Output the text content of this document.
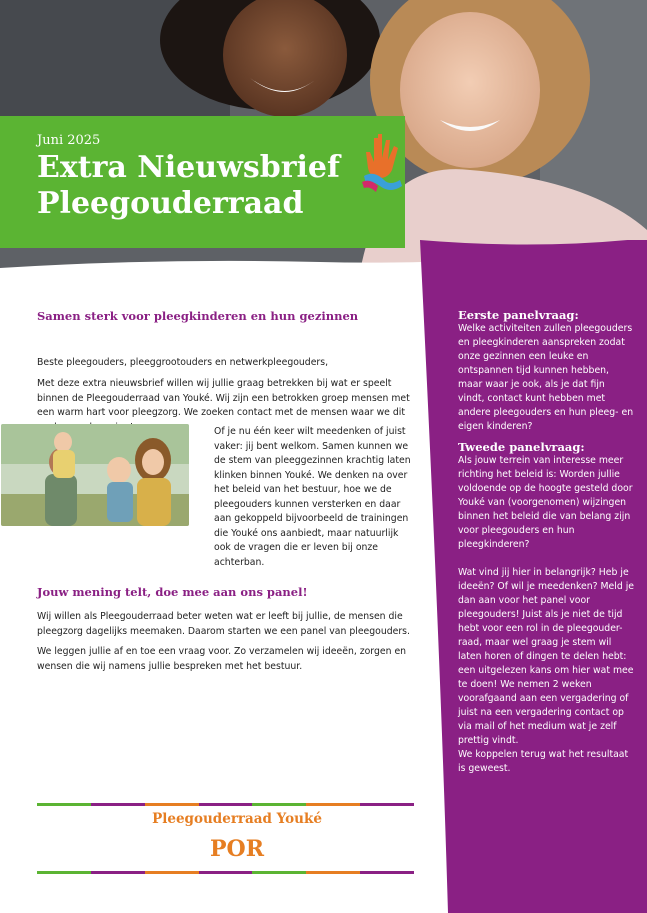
Juni 2025
Extra Nieuwsbrief
Pleegouderraad

Eerste panelvraag:

Welke activiteiten zullen pleegouders en pleegkinderen aanspreken zodat onze gezinnen een leuke en ontspannen tijd kunnen hebben, maar waar je ook, als je dat fijn vindt, contact kunt hebben met andere pleegouders en hun pleeg- en eigen kinderen?

Tweede panelvraag:

Als jouw terrein van interesse meer richting het beleid is: Worden jullie voldoende op de hoogte gesteld door Youké van (voorgenomen) wijzingen binnen het beleid die van belang zijn voor pleegouders en hun pleegkinderen?

Wat vind jij hier in belangrijk? Heb je ideeën? Of wil je meedenken? Meld je dan aan voor het panel voor pleegouders! Juist als je niet de tijd hebt voor een rol in de pleegouder-raad, maar wel graag je stem wil laten horen of dingen te delen hebt: een uitgelezen kans om hier wat mee te doen! We nemen 2 weken voorafgaand aan een vergadering of juist na een vergadering contact op via mail of het medium wat je zelf prettig vindt.

We koppelen terug wat het resultaat is geweest.

Samen sterk voor pleegkinderen en hun gezinnen

Beste pleegouders, pleeggrootouders en netwerkpleegouders,

Met deze extra nieuwsbrief willen wij jullie graag betrekken bij wat er speelt binnen de Pleegouderraad van Youké. Wij zijn een betrokken groep mensen met een warm hart voor pleegzorg. We zoeken contact met de mensen waar we dit

Of je nu één keer wilt meedenken of juist vaker: jij bent welkom. Samen kunnen we de stem van pleeggezinnen krachtig laten klinken binnen Youké. We denken na over het beleid van het bestuur, hoe we de pleegouders kunnen versterken en daar aan gekoppeld bijvoorbeeld de trainingen die Youké ons aanbiedt, maar natuurlijk ook de vragen die er leven bij onze achterban.

Jouw mening telt, doe mee aan ons panel!

Wij willen als Pleegouderraad beter weten wat er leeft bij jullie, de mensen die pleegzorg dagelijks meemaken. Daarom starten we een panel van pleegouders.

We leggen jullie af en toe een vraag voor. Zo verzamelen wij ideeën, zorgen en wensen die wij namens jullie bespreken met het bestuur.

Pleegouderraad Youké

POR
